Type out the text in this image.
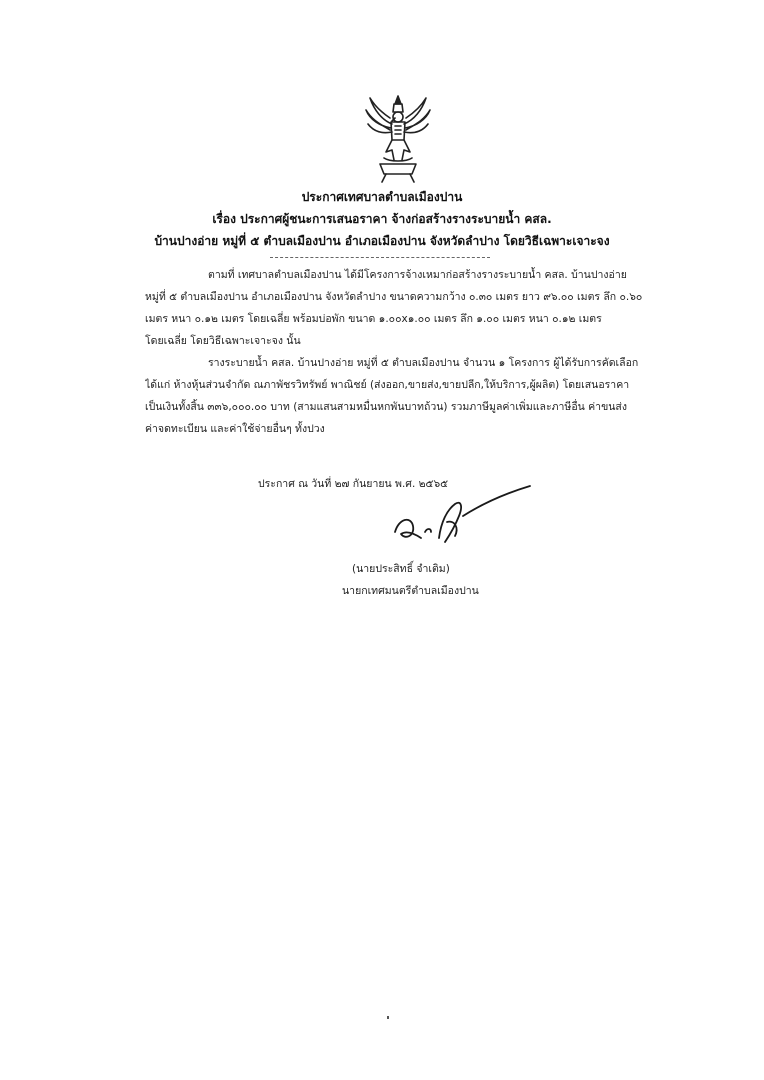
ประกาศเทศบาลตำบลเมืองปาน
เรื่อง ประกาศผู้ชนะการเสนอราคา จ้างก่อสร้างรางระบายน้ำ คสล.
บ้านปางอ่าย หมู่ที่ ๕ ตำบลเมืองปาน อำเภอเมืองปาน จังหวัดลำปาง โดยวิธีเฉพาะเจาะจง
ตามที่ เทศบาลตำบลเมืองปาน ได้มีโครงการจ้างเหมาก่อสร้างรางระบายน้ำ คสล. บ้านปางอ่าย
หมู่ที่ ๕ ตำบลเมืองปาน อำเภอเมืองปาน จังหวัดลำปาง ขนาดความกว้าง ๐.๓๐ เมตร ยาว ๙๖.๐๐ เมตร ลึก ๐.๖๐
เมตร หนา ๐.๑๒ เมตร โดยเฉลี่ย พร้อมบ่อพัก ขนาด ๑.๐๐x๑.๐๐ เมตร ลึก ๑.๐๐ เมตร หนา ๐.๑๒ เมตร
โดยเฉลี่ย โดยวิธีเฉพาะเจาะจง นั้น
รางระบายน้ำ คสล. บ้านปางอ่าย หมู่ที่ ๕ ตำบลเมืองปาน จำนวน ๑ โครงการ ผู้ได้รับการคัดเลือก
ได้แก่ ห้างหุ้นส่วนจำกัด ณภาพัชรวิทรัพย์ พาณิชย์ (ส่งออก,ขายส่ง,ขายปลีก,ให้บริการ,ผู้ผลิต) โดยเสนอราคา
เป็นเงินทั้งสิ้น ๓๓๖,๐๐๐.๐๐ บาท (สามแสนสามหมื่นหกพันบาทถ้วน) รวมภาษีมูลค่าเพิ่มและภาษีอื่น ค่าขนส่ง
ค่าจดทะเบียน และค่าใช้จ่ายอื่นๆ ทั้งปวง
ประกาศ ณ วันที่ ๒๗ กันยายน พ.ศ. ๒๕๖๕
(นายประสิทธิ์ จำเติม)
นายกเทศมนตรีตำบลเมืองปาน
